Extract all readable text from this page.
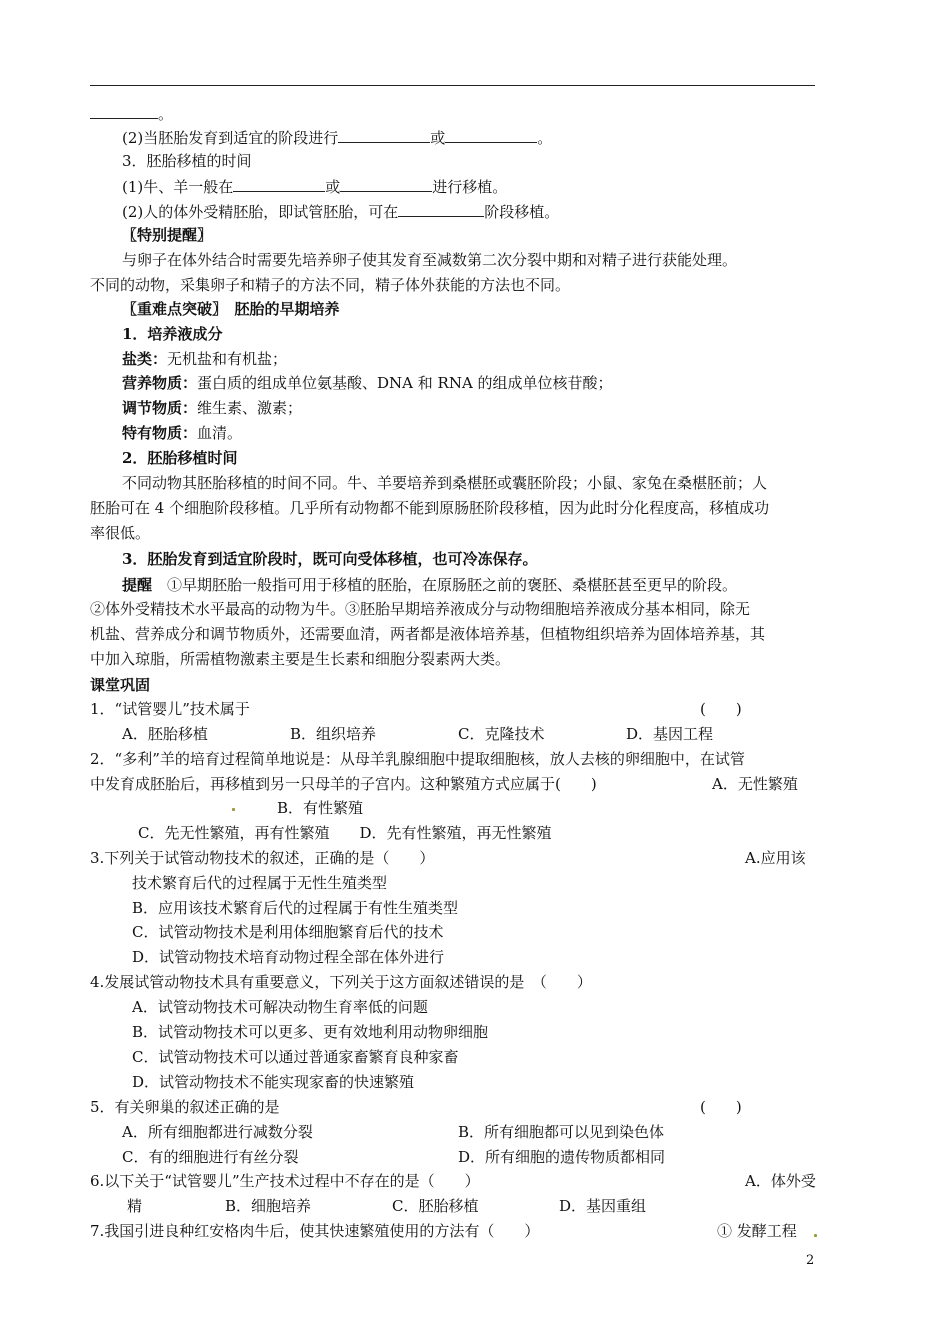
。
(2)当胚胎发育到适宜的阶段进行	或	。
3．胚胎移植的时间
(1)牛、羊一般在	或	进行移植。
(2)人的体外受精胚胎，即试管胚胎，可在	阶段移植。
〖特别提醒〗
与卵子在体外结合时需要先培养卵子使其发育至减数第二次分裂中期和对精子进行获能处理。
不同的动物，采集卵子和精子的方法不同，精子体外获能的方法也不同。
〖重难点突破〗　胚胎的早期培养
1．培养液成分
盐类：无机盐和有机盐；
营养物质：蛋白质的组成单位氨基酸、DNA 和 RNA 的组成单位核苷酸；
调节物质：维生素、激素；
特有物质：血清。
2．胚胎移植时间
不同动物其胚胎移植的时间不同。牛、羊要培养到桑椹胚或囊胚阶段；小鼠、家兔在桑椹胚前；人
胚胎可在 4 个细胞阶段移植。几乎所有动物都不能到原肠胚阶段移植，因为此时分化程度高，移植成功
率很低。
3．胚胎发育到适宜阶段时，既可向受体移植，也可冷冻保存。
提醒　 ①早期胚胎一般指可用于移植的胚胎，在原肠胚之前的褒胚、桑椹胚甚至更早的阶段。
②体外受精技术水平最高的动物为牛。③胚胎早期培养液成分与动物细胞培养液成分基本相同，除无
机盐、营养成分和调节物质外，还需要血清，两者都是液体培养基，但植物组织培养为固体培养基，其
中加入琼脂，所需植物激素主要是生长素和细胞分裂素两大类。
课堂巩固
1．“试管婴儿”技术属于	(　　)
A．胚胎移植	B．组织培养	C．克隆技术	D．基因工程
2．“多利”羊的培育过程简单地说是：从母羊乳腺细胞中提取细胞核，放人去核的卵细胞中，在试管
中发育成胚胎后，再移植到另一只母羊的子宫内。这种繁殖方式应属于(　　)	A．无性繁殖
B．有性繁殖
C．先无性繁殖，再有性繁殖　　D．先有性繁殖，再无性繁殖
3.下列关于试管动物技术的叙述，正确的是（　　）	A.应用该
技术繁育后代的过程属于无性生殖类型
B．应用该技术繁育后代的过程属于有性生殖类型
C．试管动物技术是利用体细胞繁育后代的技术
D．试管动物技术培育动物过程全部在体外进行
4.发展试管动物技术具有重要意义，下列关于这方面叙述错误的是　（　　）
A．试管动物技术可解决动物生育率低的问题
B．试管动物技术可以更多、更有效地利用动物卵细胞
C．试管动物技术可以通过普通家畜繁育良种家畜
D．试管动物技术不能实现家畜的快速繁殖
5．有关卵巢的叙述正确的是	(　　)
A．所有细胞都进行减数分裂	B．所有细胞都可以见到染色体
C．有的细胞进行有丝分裂	D．所有细胞的遗传物质都相同
6.以下关于“试管婴儿”生产技术过程中不存在的是（　　）	A．体外受
精	B．细胞培养	C．胚胎移植	D．基因重组
7.我国引进良种红安格肉牛后，使其快速繁殖使用的方法有（　　）	① 发酵工程
2
